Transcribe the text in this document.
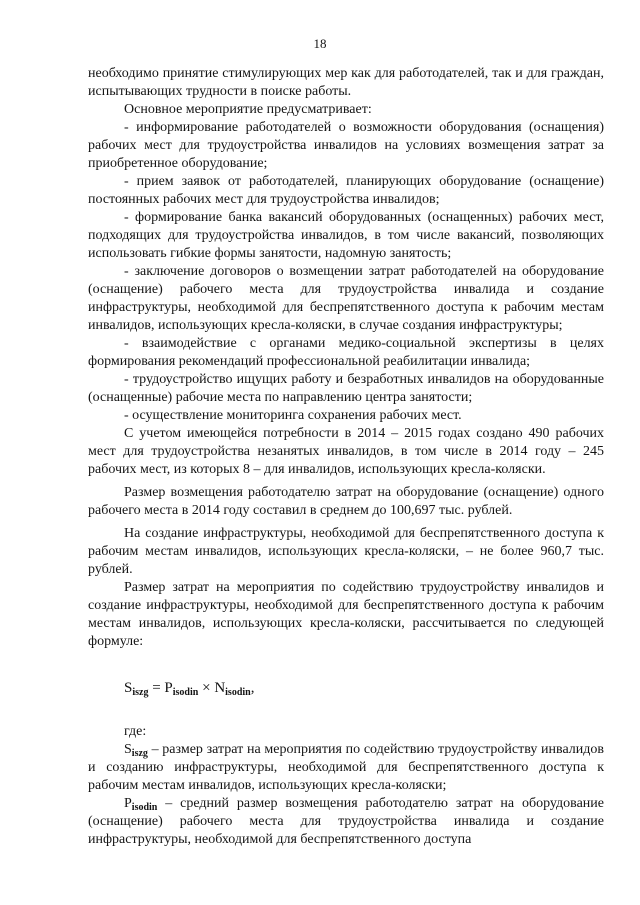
18

необходимо принятие стимулирующих мер как для работодателей, так и для граждан, испытывающих трудности в поиске работы.

Основное мероприятие предусматривает:

- информирование работодателей о возможности оборудования (оснащения) рабочих мест для трудоустройства инвалидов на условиях возмещения затрат за приобретенное оборудование;

- прием заявок от работодателей, планирующих оборудование (оснащение) постоянных рабочих мест для трудоустройства инвалидов;

- формирование банка вакансий оборудованных (оснащенных) рабочих мест, подходящих для трудоустройства инвалидов, в том числе вакансий, позволяющих использовать гибкие формы занятости, надомную занятость;

- заключение договоров о возмещении затрат работодателей на оборудование (оснащение) рабочего места для трудоустройства инвалида и создание инфраструктуры, необходимой для беспрепятственного доступа к рабочим местам инвалидов, использующих кресла-коляски, в случае создания инфраструктуры;

- взаимодействие с органами медико-социальной экспертизы в целях формирования рекомендаций профессиональной реабилитации инвалида;

- трудоустройство ищущих работу и безработных инвалидов на оборудованные (оснащенные) рабочие места по направлению центра занятости;

- осуществление мониторинга сохранения рабочих мест.

С учетом имеющейся потребности в 2014 – 2015 годах создано 490 рабочих мест для трудоустройства незанятых инвалидов, в том числе в 2014 году – 245 рабочих мест, из которых 8 – для инвалидов, использующих кресла-коляски.

Размер возмещения работодателю затрат на оборудование (оснащение) одного рабочего места в 2014 году составил в среднем до 100,697 тыс. рублей.

На создание инфраструктуры, необходимой для беспрепятственного доступа к рабочим местам инвалидов, использующих кресла-коляски, – не более 960,7 тыс. рублей.

Размер затрат на мероприятия по содействию трудоустройству инвалидов и создание инфраструктуры, необходимой для беспрепятственного доступа к рабочим местам инвалидов, использующих кресла-коляски, рассчитывается по следующей формуле:

$S_{iszg} = P_{isodin} \times N_{isodin}$,

где:

$S_{iszg}$ – размер затрат на мероприятия по содействию трудоустройству инвалидов и созданию инфраструктуры, необходимой для беспрепятственного доступа к рабочим местам инвалидов, использующих кресла-коляски;

$P_{isodin}$ – средний размер возмещения работодателю затрат на оборудование (оснащение) рабочего места для трудоустройства инвалида и создание инфраструктуры, необходимой для беспрепятственного доступа
